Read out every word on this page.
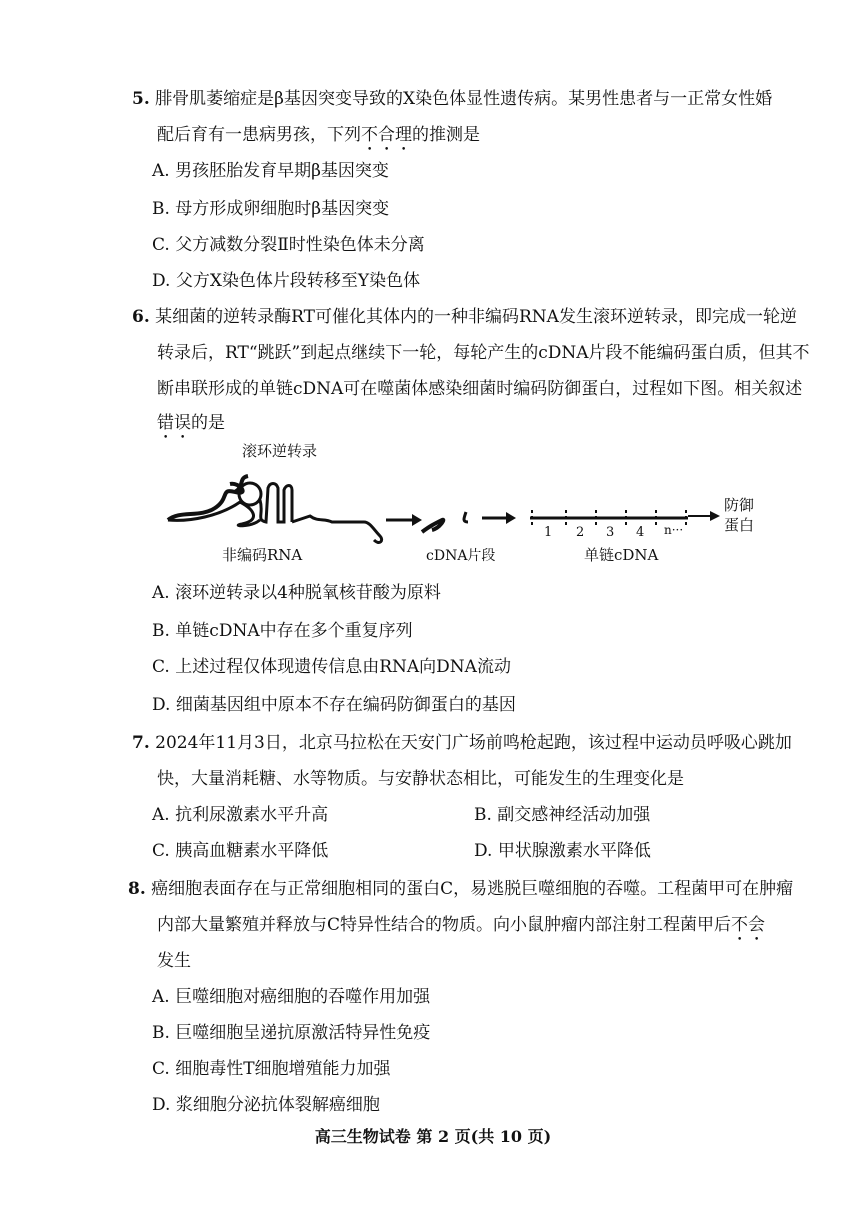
5. 腓骨肌萎缩症是β基因突变导致的X染色体显性遗传病。某男性患者与一正常女性婚
配后育有一患病男孩，下列不合理的推测是
A. 男孩胚胎发育早期β基因突变
B. 母方形成卵细胞时β基因突变
C. 父方减数分裂Ⅱ时性染色体未分离
D. 父方X染色体片段转移至Y染色体
6. 某细菌的逆转录酶RT可催化其体内的一种非编码RNA发生滚环逆转录，即完成一轮逆
转录后，RT“跳跃”到起点继续下一轮，每轮产生的cDNA片段不能编码蛋白质，但其不
断串联形成的单链cDNA可在噬菌体感染细菌时编码防御蛋白，过程如下图。相关叙述
错误的是
滚环逆转录
非编码RNA	cDNA片段	单链cDNA
1 2 3 4 n···
防御
蛋白
A. 滚环逆转录以4种脱氧核苷酸为原料
B. 单链cDNA中存在多个重复序列
C. 上述过程仅体现遗传信息由RNA向DNA流动
D. 细菌基因组中原本不存在编码防御蛋白的基因
7. 2024年11月3日，北京马拉松在天安门广场前鸣枪起跑，该过程中运动员呼吸心跳加
快，大量消耗糖、水等物质。与安静状态相比，可能发生的生理变化是
A. 抗利尿激素水平升高	B. 副交感神经活动加强
C. 胰高血糖素水平降低	D. 甲状腺激素水平降低
8. 癌细胞表面存在与正常细胞相同的蛋白C，易逃脱巨噬细胞的吞噬。工程菌甲可在肿瘤
内部大量繁殖并释放与C特异性结合的物质。向小鼠肿瘤内部注射工程菌甲后不会
发生
A. 巨噬细胞对癌细胞的吞噬作用加强
B. 巨噬细胞呈递抗原激活特异性免疫
C. 细胞毒性T细胞增殖能力加强
D. 浆细胞分泌抗体裂解癌细胞
高三生物试卷 第 2 页(共 10 页)
